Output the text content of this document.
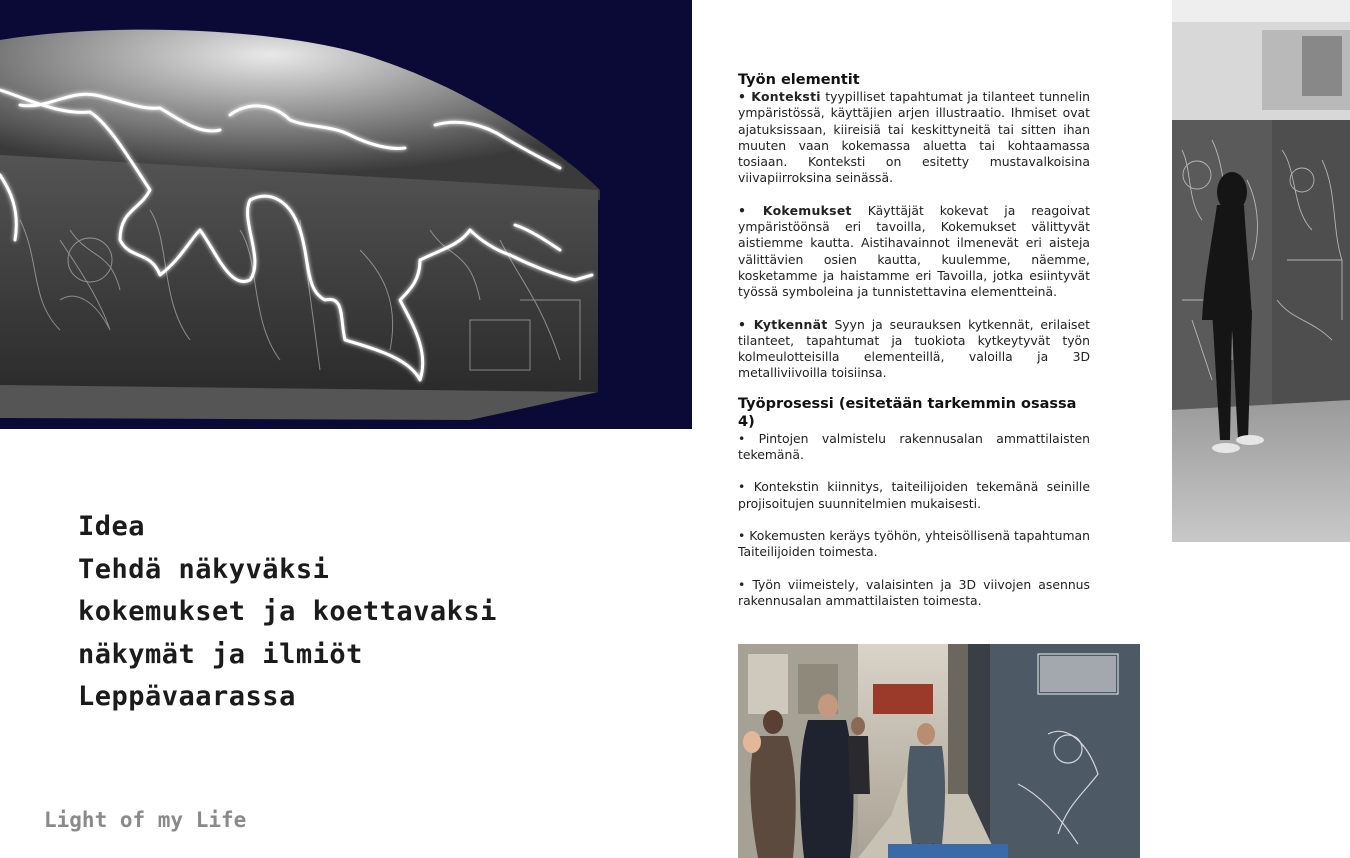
Idea
Tehdä näkyväksi
kokemukset ja koettavaksi
näkymät ja ilmiöt
Leppävaarassa
Light of my Life
Työn elementit

• Konteksti tyypilliset tapahtumat ja tilanteet tunnelin ympäristössä, käyttäjien arjen illustraatio. Ihmiset ovat ajatuksissaan, kiireisiä tai keskittyneitä tai sitten ihan muuten vaan kokemassa aluetta tai kohtaamassa tosiaan. Konteksti on esitetty mustavalkoisina viivapiirroksina seinässä.

• Kokemukset Käyttäjät kokevat ja reagoivat ympäristöönsä eri tavoilla, Kokemukset välittyvät aistiemme kautta. Aistihavainnot ilmenevät eri aisteja välittävien osien kautta, kuulemme, näemme, kosketamme ja haistamme eri Tavoilla, jotka esiintyvät työssä symboleina ja tunnistettavina elementteinä.

• Kytkennät Syyn ja seurauksen kytkennät, erilaiset tilanteet, tapahtumat ja tuokiota kytkeytyvät työn kolmeulotteisilla elementeillä, valoilla ja 3D metalliviivoilla toisiinsa.

Työprosessi (esitetään tarkemmin osassa 4)

• Pintojen valmistelu rakennusalan ammattilaisten tekemänä.

• Kontekstin kiinnitys, taiteilijoiden tekemänä seinille projisoitujen suunnitelmien mukaisesti.

• Kokemusten keräys työhön, yhteisöllisenä tapahtuman Taiteilijoiden toimesta.

• Työn viimeistely, valaisinten ja 3D viivojen asennus rakennusalan ammattilaisten toimesta.
